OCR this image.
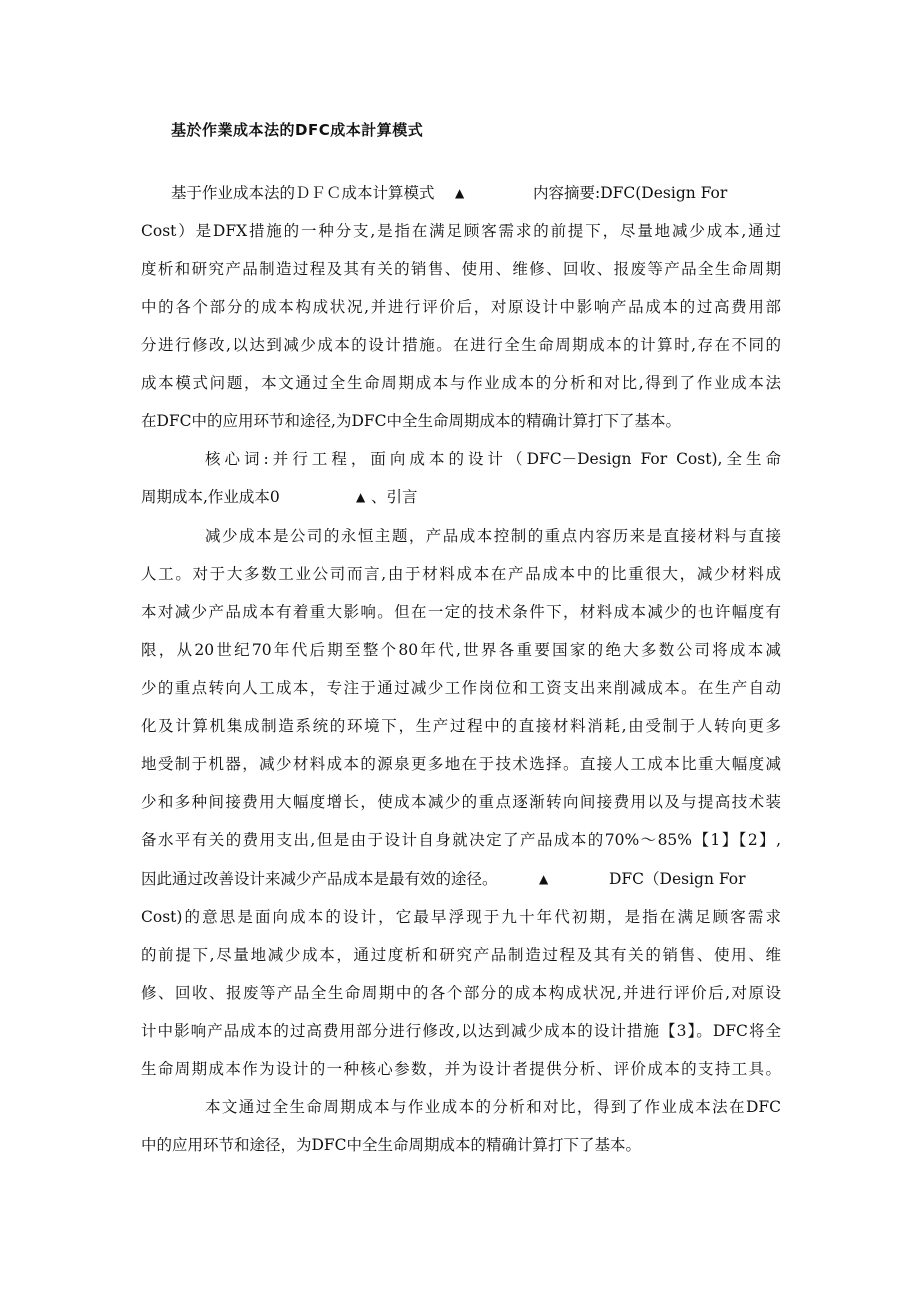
基於作業成本法的DFC成本計算模式
基于作业成本法的ＤＦＣ成本计算模式 ▲	内容摘要:DFC(Design For
Cost）是DFX措施的一种分支,是指在满足顾客需求的前提下，尽量地减少成本,通过
度析和研究产品制造过程及其有关的销售、使用、维修、回收、报废等产品全生命周期
中的各个部分的成本构成状况,并进行评价后，对原设计中影响产品成本的过高费用部
分进行修改,以达到减少成本的设计措施。在进行全生命周期成本的计算时,存在不同的
成本模式问题，本文通过全生命周期成本与作业成本的分析和对比,得到了作业成本法
在DFC中的应用环节和途径,为DFC中全生命周期成本的精确计算打下了基本。
核心词:并行工程，面向成本的设计（DFC－Design For Cost),全生命
周期成本,作业成本0	▲ 、引言
减少成本是公司的永恒主题，产品成本控制的重点内容历来是直接材料与直接
人工。对于大多数工业公司而言,由于材料成本在产品成本中的比重很大，减少材料成
本对减少产品成本有着重大影响。但在一定的技术条件下，材料成本减少的也许幅度有
限，从20世纪70年代后期至整个80年代,世界各重要国家的绝大多数公司将成本减
少的重点转向人工成本，专注于通过减少工作岗位和工资支出来削减成本。在生产自动
化及计算机集成制造系统的环境下，生产过程中的直接材料消耗,由受制于人转向更多
地受制于机器，减少材料成本的源泉更多地在于技术选择。直接人工成本比重大幅度减
少和多种间接费用大幅度增长，使成本减少的重点逐渐转向间接费用以及与提高技术装
备水平有关的费用支出,但是由于设计自身就决定了产品成本的70%～85%【1】【2】,
因此通过改善设计来减少产品成本是最有效的途径。	▲	DFC（Design For
Cost)的意思是面向成本的设计，它最早浮现于九十年代初期，是指在满足顾客需求
的前提下,尽量地减少成本，通过度析和研究产品制造过程及其有关的销售、使用、维
修、回收、报废等产品全生命周期中的各个部分的成本构成状况,并进行评价后,对原设
计中影响产品成本的过高费用部分进行修改,以达到减少成本的设计措施【3】。DFC将全
生命周期成本作为设计的一种核心参数，并为设计者提供分析、评价成本的支持工具。
本文通过全生命周期成本与作业成本的分析和对比，得到了作业成本法在DFC
中的应用环节和途径，为DFC中全生命周期成本的精确计算打下了基本。
